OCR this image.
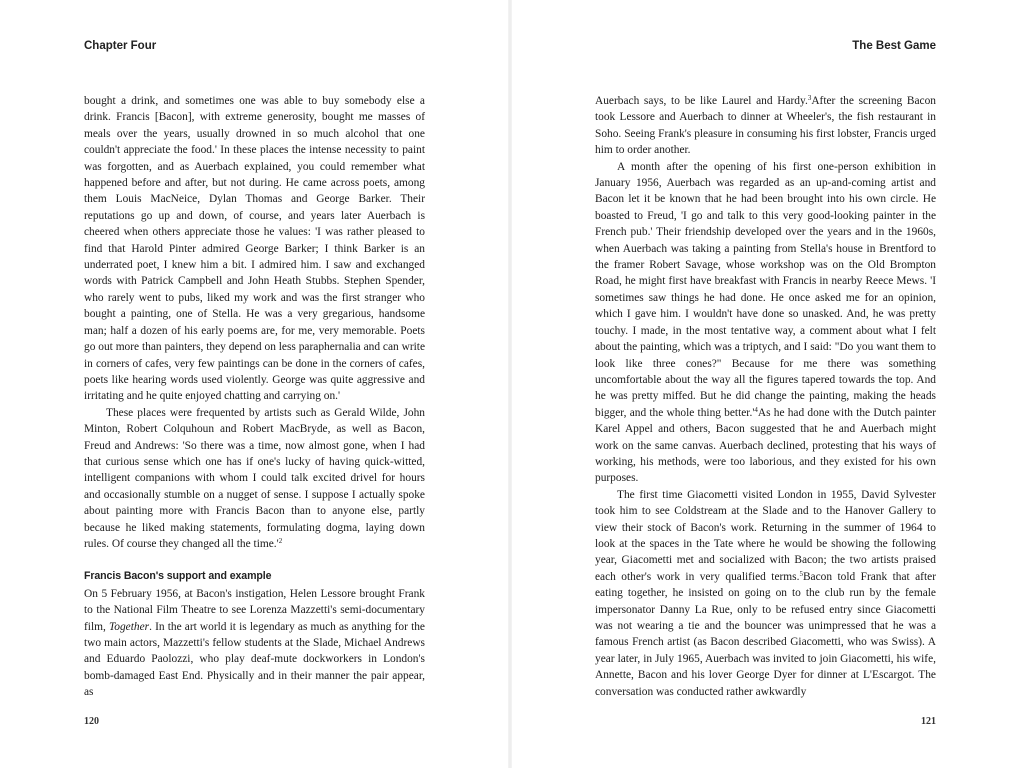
Chapter Four

bought a drink, and sometimes one was able to buy somebody else a drink. Francis [Bacon], with extreme generosity, bought me masses of meals over the years, usually drowned in so much alcohol that one couldn't appreciate the food.' In these places the intense necessity to paint was forgotten, and as Auerbach explained, you could remember what happened before and after, but not during. He came across poets, among them Louis MacNeice, Dylan Thomas and George Barker. Their reputations go up and down, of course, and years later Auerbach is cheered when others appreciate those he values: 'I was rather pleased to find that Harold Pinter admired George Barker; I think Barker is an underrated poet, I knew him a bit. I admired him. I saw and exchanged words with Patrick Campbell and John Heath Stubbs. Stephen Spender, who rarely went to pubs, liked my work and was the first stranger who bought a painting, one of Stella. He was a very gregarious, handsome man; half a dozen of his early poems are, for me, very memorable. Poets go out more than painters, they depend on less paraphernalia and can write in corners of cafes, very few paintings can be done in the corners of cafes, poets like hearing words used violently. George was quite aggressive and irritating and he quite enjoyed chatting and carrying on.'

These places were frequented by artists such as Gerald Wilde, John Minton, Robert Colquhoun and Robert MacBryde, as well as Bacon, Freud and Andrews: 'So there was a time, now almost gone, when I had that curious sense which one has if one's lucky of having quick-witted, intelligent companions with whom I could talk excited drivel for hours and occasionally stumble on a nugget of sense. I suppose I actually spoke about painting more with Francis Bacon than to anyone else, partly because he liked making statements, formulating dogma, laying down rules. Of course they changed all the $time.'^2$

Francis Bacon's support and example

On 5 February 1956, at Bacon's instigation, Helen Lessore brought Frank to the National Film Theatre to see Lorenza Mazzetti's semi-documentary film, Together. In the art world it is legendary as much as anything for the two main actors, Mazzetti's fellow students at the Slade, Michael Andrews and Eduardo Paolozzi, who play deaf-mute dockworkers in London's bomb-damaged East End. Physically and in their manner the pair appear, as

120
The Best Game

Auerbach says, to be like Laurel and Hardy.$^3$After the screening Bacon took Lessore and Auerbach to dinner at Wheeler's, the fish restaurant in Soho. Seeing Frank's pleasure in consuming his first lobster, Francis urged him to order another.

A month after the opening of his first one-person exhibition in January 1956, Auerbach was regarded as an up-and-coming artist and Bacon let it be known that he had been brought into his own circle. He boasted to Freud, 'I go and talk to this very good-looking painter in the French pub.' Their friendship developed over the years and in the 1960s, when Auerbach was taking a painting from Stella's house in Brentford to the framer Robert Savage, whose workshop was on the Old Brompton Road, he might first have breakfast with Francis in nearby Reece Mews. 'I sometimes saw things he had done. He once asked me for an opinion, which I gave him. I wouldn't have done so unasked. And, he was pretty touchy. I made, in the most tentative way, a comment about what I felt about the painting, which was a triptych, and I said: "Do you want them to look like three cones?" Because for me there was something uncomfortable about the way all the figures tapered towards the top. And he was pretty miffed. But he did change the painting, making the heads bigger, and the whole thing $better.'^4As$ he had done with the Dutch painter Karel Appel and others, Bacon suggested that he and Auerbach might work on the same canvas. Auerbach declined, protesting that his ways of working, his methods, were too laborious, and they existed for his own purposes.

The first time Giacometti visited London in 1955, David Sylvester took him to see Coldstream at the Slade and to the Hanover Gallery to view their stock of Bacon's work. Returning in the summer of 1964 to look at the spaces in the Tate where he would be showing the following year, Giacometti met and socialized with Bacon; the two artists praised each other's work in very qualified terms.$^5$Bacon told Frank that after eating together, he insisted on going on to the club run by the female impersonator Danny La Rue, only to be refused entry since Giacometti was not wearing a tie and the bouncer was unimpressed that he was a famous French artist (as Bacon described Giacometti, who was Swiss). A year later, in July 1965, Auerbach was invited to join Giacometti, his wife, Annette, Bacon and his lover George Dyer for dinner at L'Escargot. The conversation was conducted rather awkwardly

121
